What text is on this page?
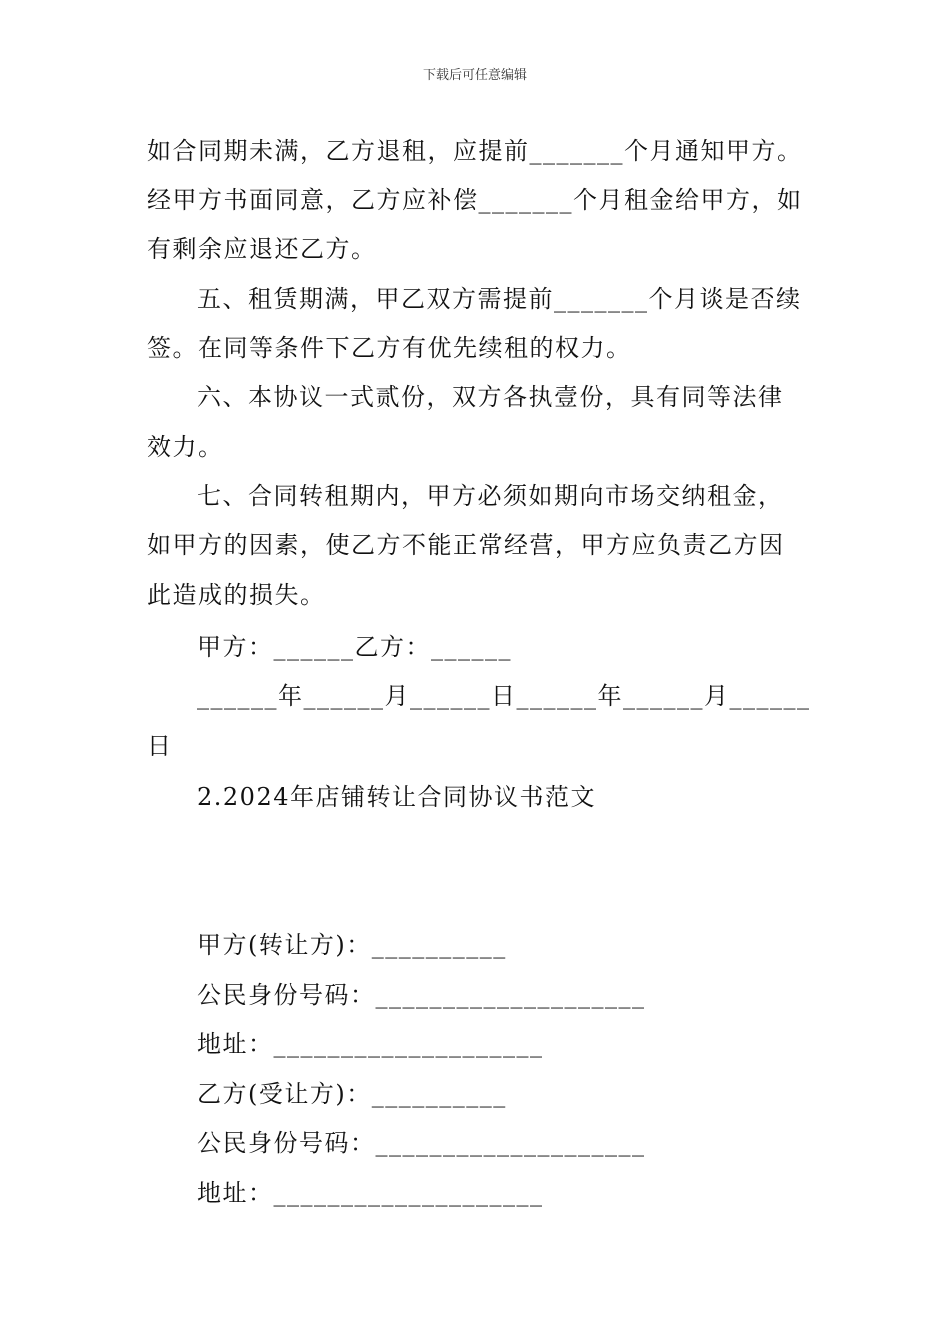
下载后可任意编辑
如合同期未满，乙方退租，应提前_______个月通知甲方。
经甲方书面同意，乙方应补偿_______个月租金给甲方，如
有剩余应退还乙方。
五、租赁期满，甲乙双方需提前_______个月谈是否续
签。在同等条件下乙方有优先续租的权力。
六、本协议一式贰份，双方各执壹份，具有同等法律
效力。
七、合同转租期内，甲方必须如期向市场交纳租金，
如甲方的因素，使乙方不能正常经营，甲方应负责乙方因
此造成的损失。
甲方：______乙方：______
______年______月______日______年______月______
日
2.2024年店铺转让合同协议书范文
甲方(转让方)：__________
公民身份号码：____________________
地址：____________________
乙方(受让方)：__________
公民身份号码：____________________
地址：____________________
